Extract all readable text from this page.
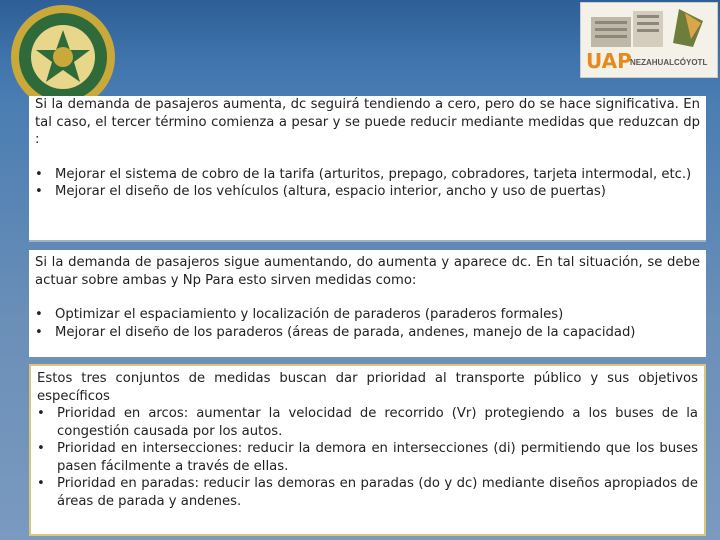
UAP
NEZAHUALCÓYOTL

Si la demanda de pasajeros aumenta, dc seguirá tendiendo a cero, pero do se hace significativa. En tal caso, el tercer término comienza a pesar y se puede reducir mediante medidas que reduzcan dp :

• Mejorar el sistema de cobro de la tarifa (arturitos, prepago, cobradores, tarjeta intermodal, etc.)
• Mejorar el diseño de los vehículos (altura, espacio interior, ancho y uso de puertas)

Si la demanda de pasajeros sigue aumentando, do aumenta y aparece dc. En tal situación, se debe actuar sobre ambas y Np Para esto sirven medidas como:

• Optimizar el espaciamiento y localización de paraderos (paraderos formales)
• Mejorar el diseño de los paraderos (áreas de parada, andenes, manejo de la capacidad)

Estos tres conjuntos de medidas buscan dar prioridad al transporte público y sus objetivos específicos

• Prioridad en arcos: aumentar la velocidad de recorrido (Vr) protegiendo a los buses de la congestión causada por los autos.
• Prioridad en intersecciones: reducir la demora en intersecciones (di) permitiendo que los buses pasen fácilmente a través de ellas.
• Prioridad en paradas: reducir las demoras en paradas (do y dc) mediante diseños apropiados de áreas de parada y andenes.
